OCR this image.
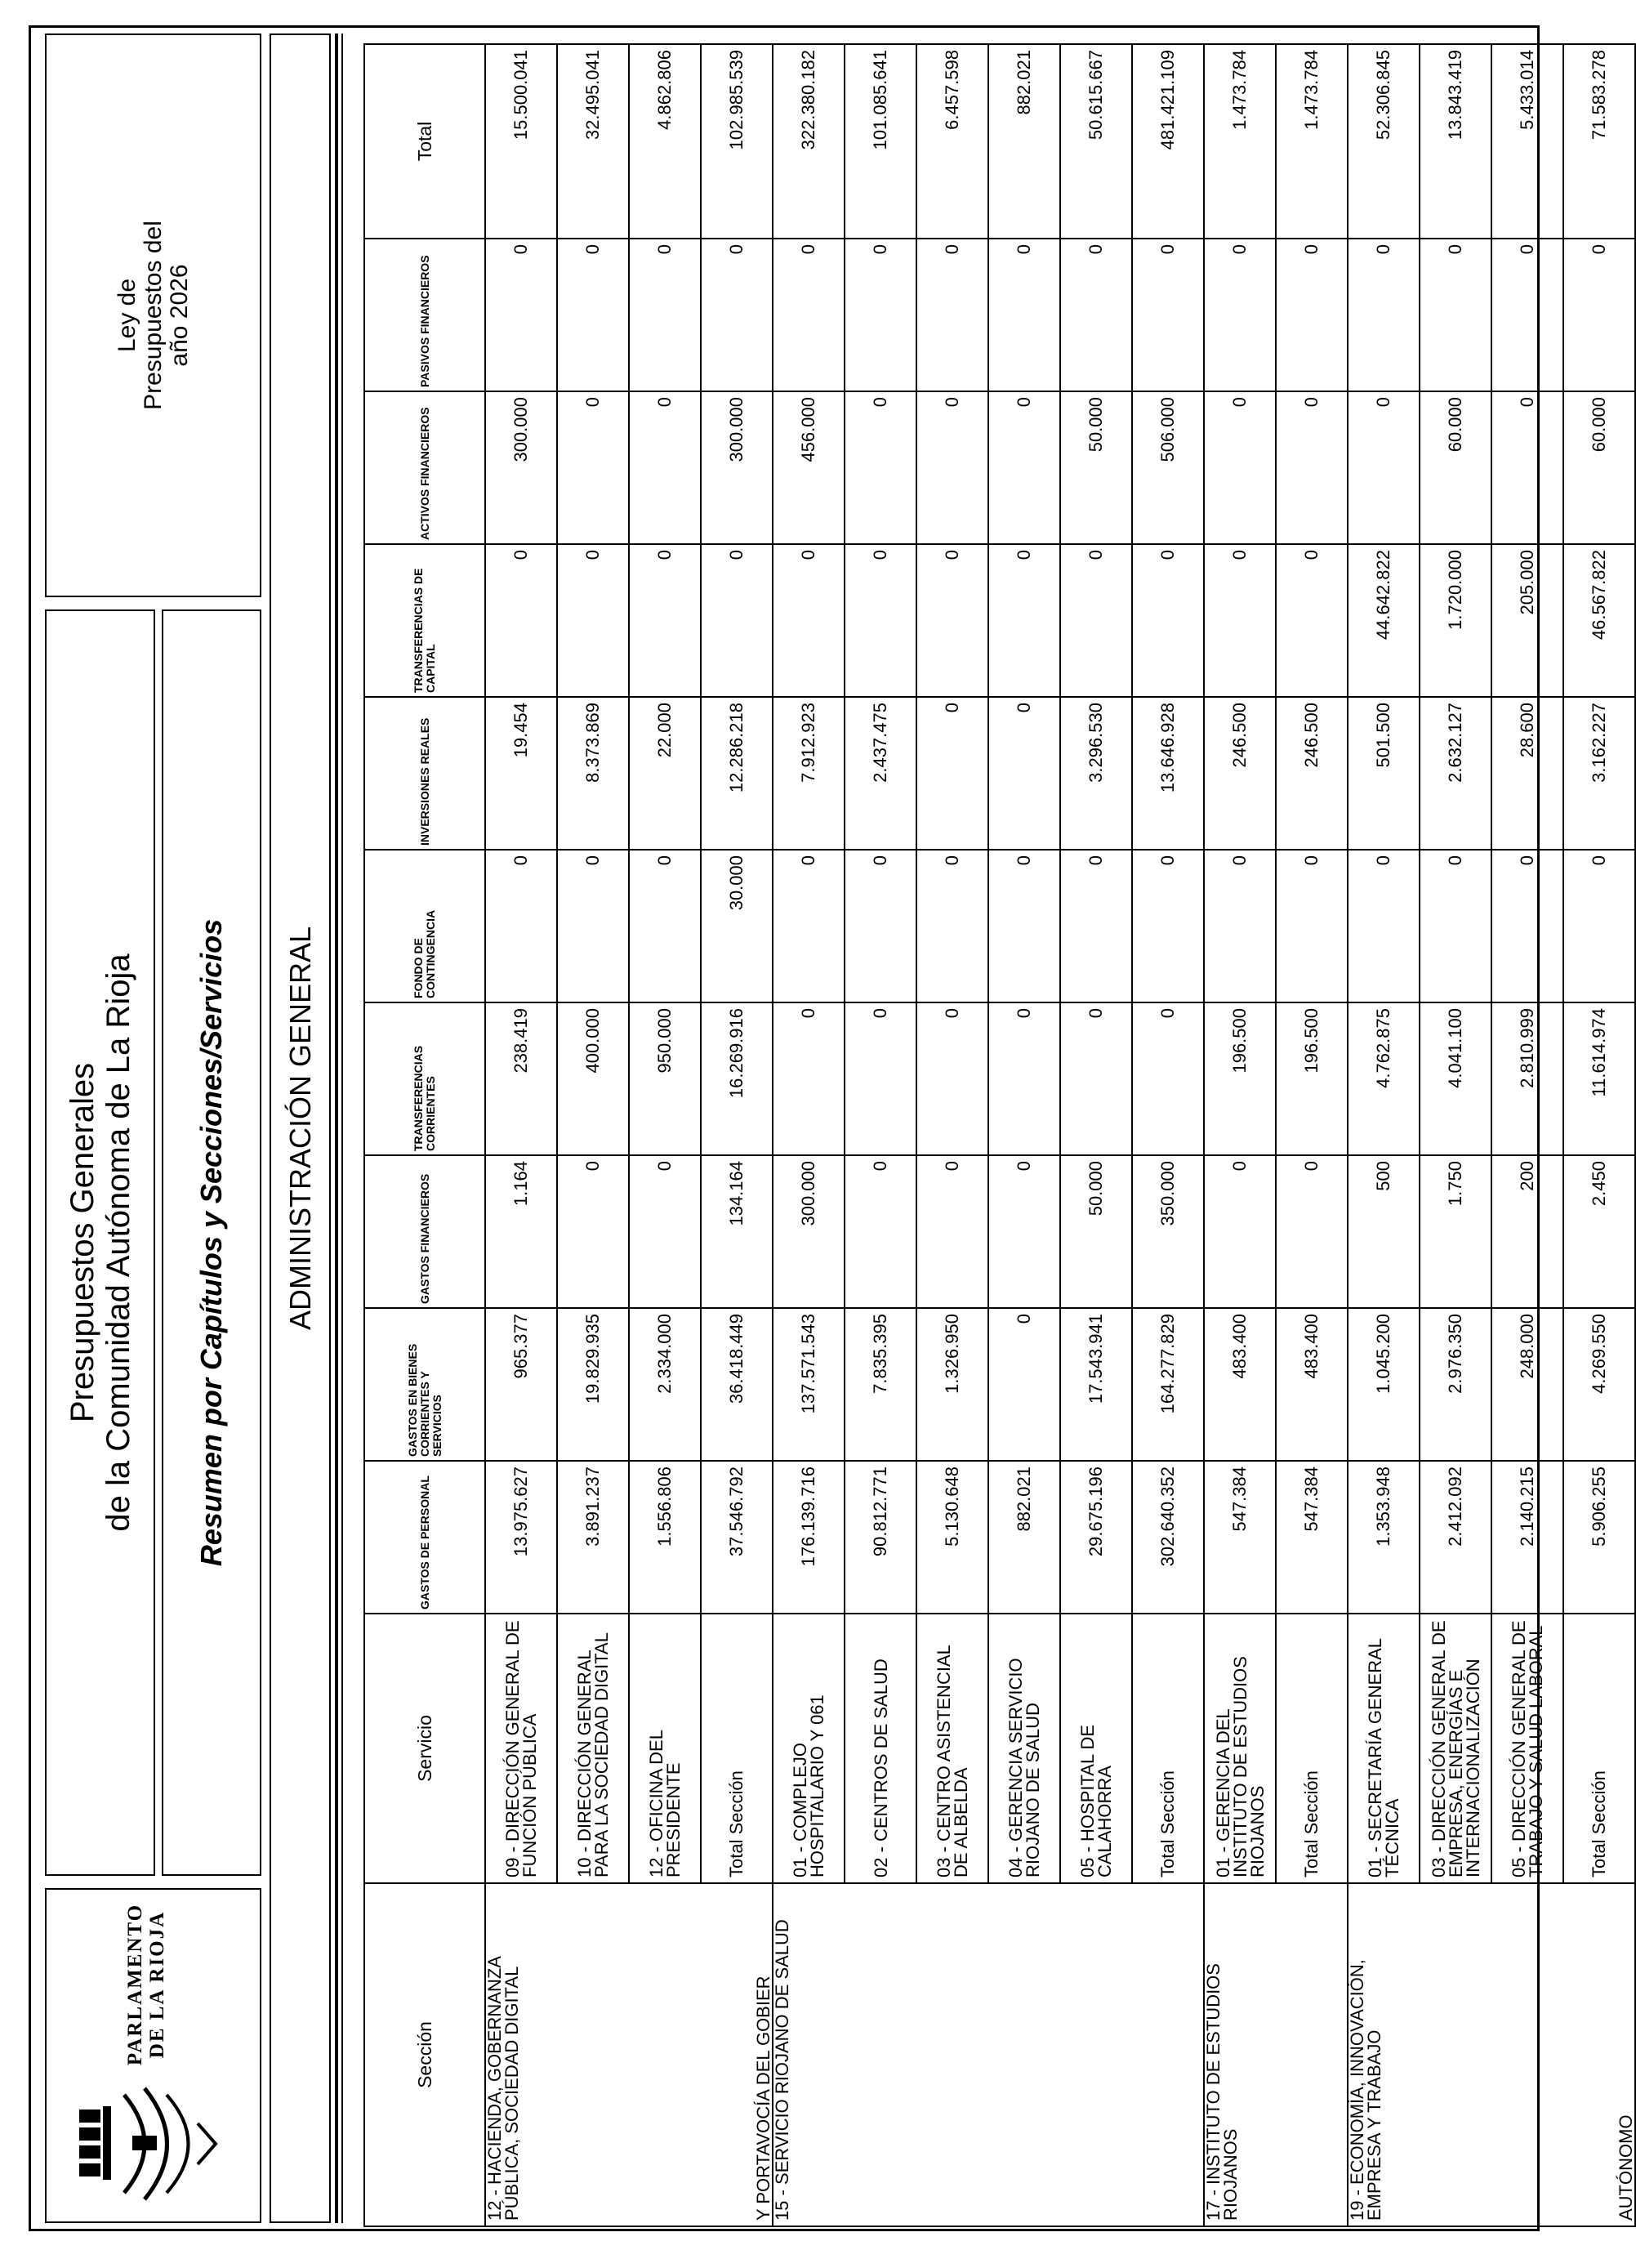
PARLAMENTO DE LA RIOJA
Presupuestos Generales de la Comunidad Autónoma de La Rioja Resumen por Capítulos y Secciones/Servicios
Ley de Presupuestos del año 2026
ADMINISTRACIÓN GENERAL
Sección	Servicio	GASTOS DE PERSONAL	GASTOS EN BIENES CORRIENTES Y SERVICIOS	GASTOS FINANCIEROS	TRANSFERENCIAS CORRIENTES	FONDO DE CONTINGENCIA	INVERSIONES REALES	TRANSFERENCIAS DE CAPITAL	ACTIVOS FINANCIEROS	PASIVOS FINANCIEROS	Total

12 - HACIENDA, GOBERNANZA PÚBLICA, SOCIEDAD DIGITAL Y PORTAVOCÍA DEL GOBIER	09 - DIRECCIÓN GENERAL DE FUNCIÓN PÚBLICA	13.975.627	965.377	1.164	238.419	0	19.454	0	300.000	0	15.500.041
	10 - DIRECCIÓN GENERAL PARA LA SOCIEDAD DIGITAL	3.891.237	19.829.935	0	400.000	0	8.373.869	0	0	0	32.495.041
	12 - OFICINA DEL PRESIDENTE	1.556.806	2.334.000	0	950.000	0	22.000	0	0	0	4.862.806
	Total Sección	37.546.792	36.418.449	134.164	16.269.916	30.000	12.286.218	0	300.000	0	102.985.539

15 - SERVICIO RIOJANO DE SALUD	01 - COMPLEJO HOSPITALARIO Y 061	176.139.716	137.571.543	300.000	0	0	7.912.923	0	456.000	0	322.380.182
	02 - CENTROS DE SALUD	90.812.771	7.835.395	0	0	0	2.437.475	0	0	0	101.085.641
	03 - CENTRO ASISTENCIAL DE ALBELDA	5.130.648	1.326.950	0	0	0	0	0	0	0	6.457.598
	04 - GERENCIA SERVICIO RIOJANO DE SALUD	882.021	0	0	0	0	0	0	0	0	882.021
	05 - HOSPITAL DE CALAHORRA	29.675.196	17.543.941	50.000	0	0	3.296.530	0	50.000	0	50.615.667
	Total Sección	302.640.352	164.277.829	350.000	0	0	13.646.928	0	506.000	0	481.421.109

17 - INSTITUTO DE ESTUDIOS RIOJANOS	01 - GERENCIA DEL INSTITUTO DE ESTUDIOS RIOJANOS	547.384	483.400	0	196.500	0	246.500	0	0	0	1.473.784
	Total Sección	547.384	483.400	0	196.500	0	246.500	0	0	0	1.473.784

19 - ECONOMÍA, INNOVACIÓN, EMPRESA Y TRABAJO AUTÓNOMO	01 - SECRETARÍA GENERAL TÉCNICA	1.353.948	1.045.200	500	4.762.875	0	501.500	44.642.822	0	0	52.306.845
	03 - DIRECCIÓN GENERAL DE EMPRESA, ENERGÍAS E INTERNACIONALIZACIÓN	2.412.092	2.976.350	1.750	4.041.100	0	2.632.127	1.720.000	60.000	0	13.843.419
	05 - DIRECCIÓN GENERAL DE TRABAJO Y SALUD LABORAL	2.140.215	248.000	200	2.810.999	0	28.600	205.000	0	0	5.433.014
	Total Sección	5.906.255	4.269.550	2.450	11.614.974	0	3.162.227	46.567.822	60.000	0	71.583.278
